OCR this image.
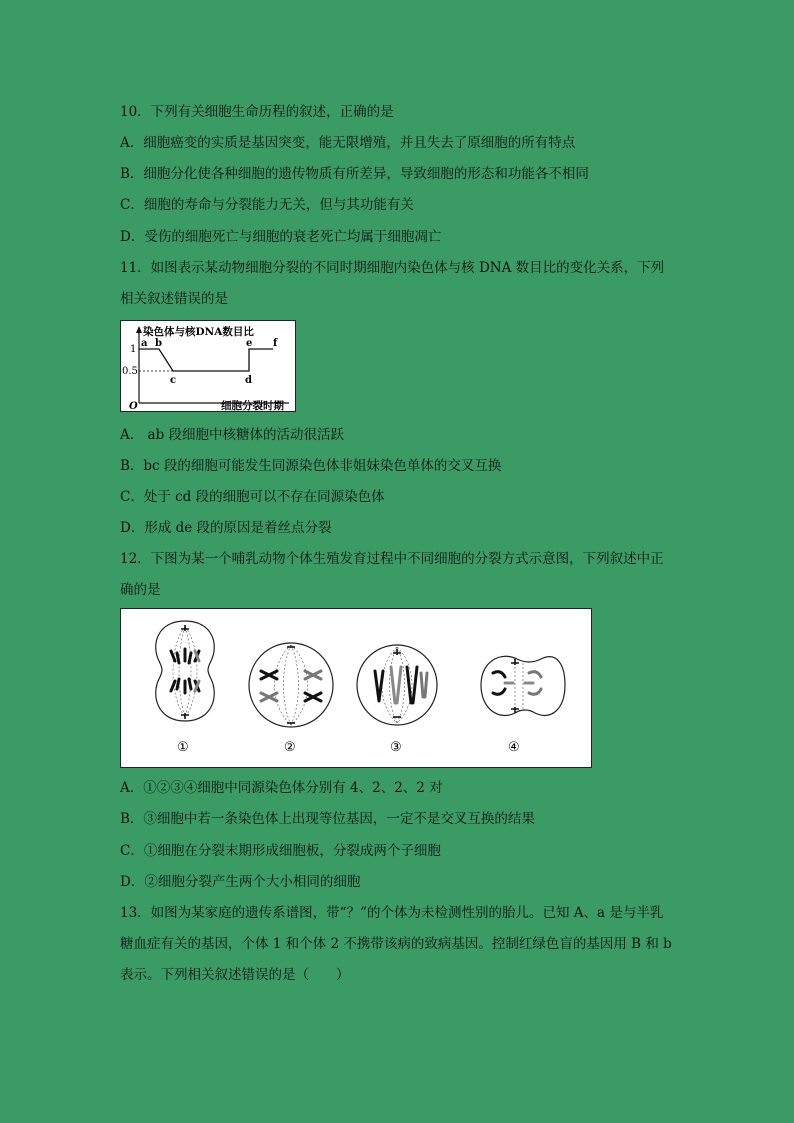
10．下列有关细胞生命历程的叙述，正确的是
A．细胞癌变的实质是基因突变，能无限增殖，并且失去了原细胞的所有特点
B．细胞分化使各种细胞的遗传物质有所差异，导致细胞的形态和功能各不相同
C．细胞的寿命与分裂能力无关，但与其功能有关
D．受伤的细胞死亡与细胞的衰老死亡均属于细胞凋亡
11．如图表示某动物细胞分裂的不同时期细胞内染色体与核 DNA 数目比的变化关系，下列
相关叙述错误的是
染色体与核DNA数目比
细胞分裂时期
O
1
0.5
a b
c	d
e f
A． ab 段细胞中核糖体的活动很活跃
B．bc 段的细胞可能发生同源染色体非姐妹染色单体的交叉互换
C．处于 cd 段的细胞可以不存在同源染色体
D．形成 de 段的原因是着丝点分裂
12．下图为某一个哺乳动物个体生殖发育过程中不同细胞的分裂方式示意图，下列叙述中正
确的是
①	②	③	④
A．①②③④细胞中同源染色体分别有 4、2、2、2 对
B．③细胞中若一条染色体上出现等位基因，一定不是交叉互换的结果
C．①细胞在分裂末期形成细胞板，分裂成两个子细胞
D．②细胞分裂产生两个大小相同的细胞
13．如图为某家庭的遗传系谱图，带“？”的个体为未检测性别的胎儿。已知 A、a 是与半乳
糖血症有关的基因，个体 1 和个体 2 不携带该病的致病基因。控制红绿色盲的基因用 B 和 b
表示。下列相关叙述错误的是（　　）
